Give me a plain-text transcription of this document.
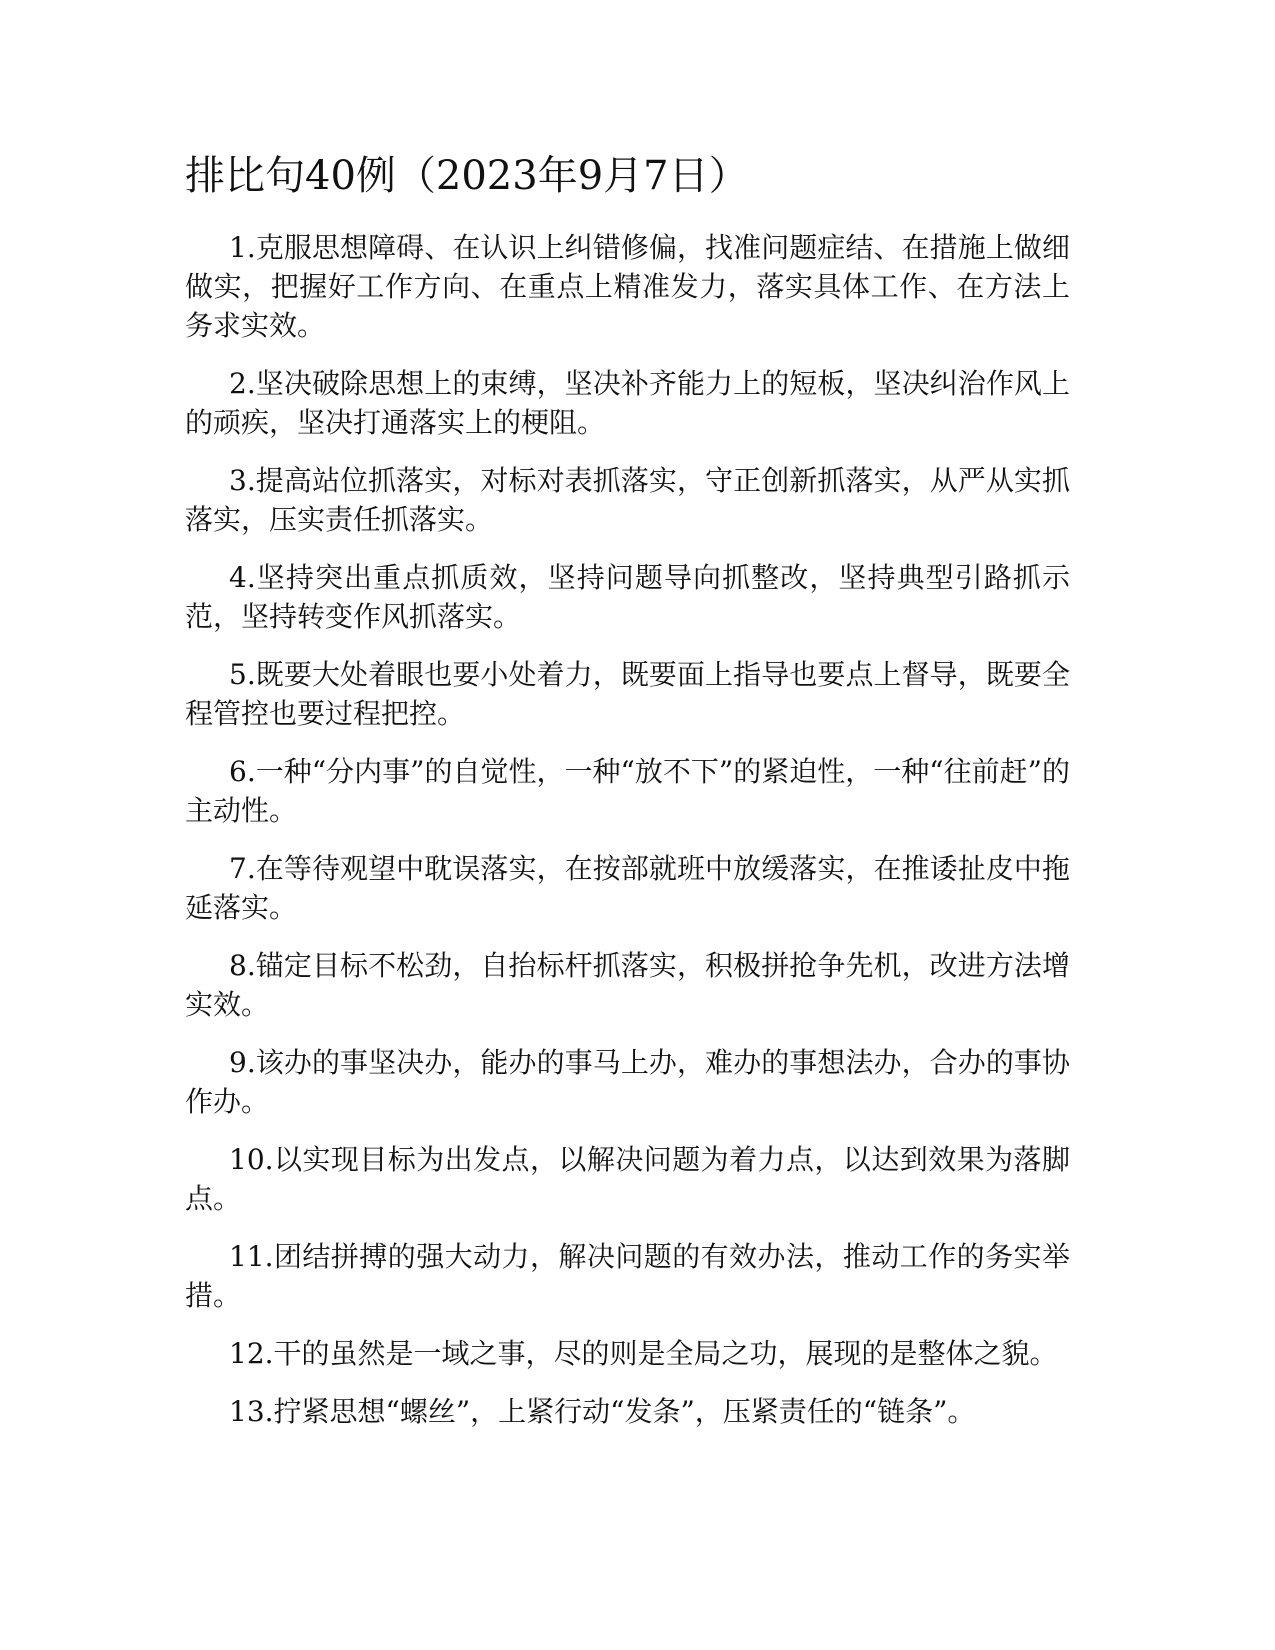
排比句40例（2023年9月7日）

1.克服思想障碍、在认识上纠错修偏，找准问题症结、在措施上做细做实，把握好工作方向、在重点上精准发力，落实具体工作、在方法上务求实效。

2.坚决破除思想上的束缚，坚决补齐能力上的短板，坚决纠治作风上的顽疾，坚决打通落实上的梗阻。

3.提高站位抓落实，对标对表抓落实，守正创新抓落实，从严从实抓落实，压实责任抓落实。

4.坚持突出重点抓质效，坚持问题导向抓整改，坚持典型引路抓示范，坚持转变作风抓落实。

5.既要大处着眼也要小处着力，既要面上指导也要点上督导，既要全程管控也要过程把控。

6.一种“分内事”的自觉性，一种“放不下”的紧迫性，一种“往前赶”的主动性。

7.在等待观望中耽误落实，在按部就班中放缓落实，在推诿扯皮中拖延落实。

8.锚定目标不松劲，自抬标杆抓落实，积极拼抢争先机，改进方法增实效。

9.该办的事坚决办，能办的事马上办，难办的事想法办，合办的事协作办。

10.以实现目标为出发点，以解决问题为着力点，以达到效果为落脚点。

11.团结拼搏的强大动力，解决问题的有效办法，推动工作的务实举措。

12.干的虽然是一域之事，尽的则是全局之功，展现的是整体之貌。

13.拧紧思想“螺丝”，上紧行动“发条”，压紧责任的“链条”。
